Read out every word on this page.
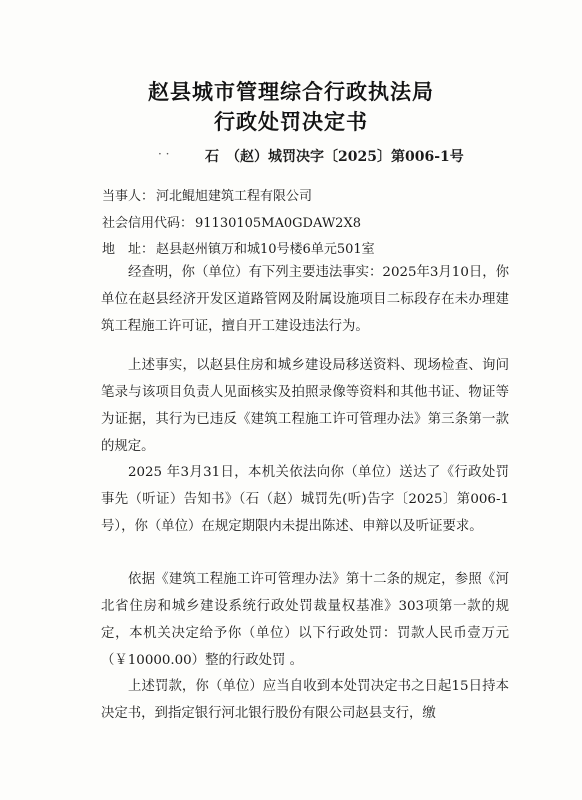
赵县城市管理综合行政执法局
行政处罚决定书
· ·	石　（赵）城罚决字〔2025〕第006-1号
当事人： 河北鲲旭建筑工程有限公司
社会信用代码： 91130105MA0GDAW2X8
地　址： 赵县赵州镇万和城10号楼6单元501室
经查明，你（单位）有下列主要违法事实：2025年3月10日，你单位在赵县经济开发区道路管网及附属设施项目二标段存在未办理建筑工程施工许可证，擅自开工建设违法行为。
上述事实，以赵县住房和城乡建设局移送资料、现场检查、询问笔录与该项目负责人见面核实及拍照录像等资料和其他书证、物证等为证据，其行为已违反《建筑工程施工许可管理办法》第三条第一款的规定。
2025 年3月31日，本机关依法向你（单位）送达了《行政处罚事先（听证）告知书》（石（赵）城罚先(听)告字〔2025〕第006-1号），你（单位）在规定期限内未提出陈述、申辩以及听证要求。
依据《建筑工程施工许可管理办法》第十二条的规定，参照《河北省住房和城乡建设系统行政处罚裁量权基准》303项第一款的规定，本机关决定给予你（单位）以下行政处罚：罚款人民币壹万元（￥10000.00）整的行政处罚 。
上述罚款，你（单位）应当自收到本处罚决定书之日起15日持本决定书，到指定银行河北银行股份有限公司赵县支行，缴
